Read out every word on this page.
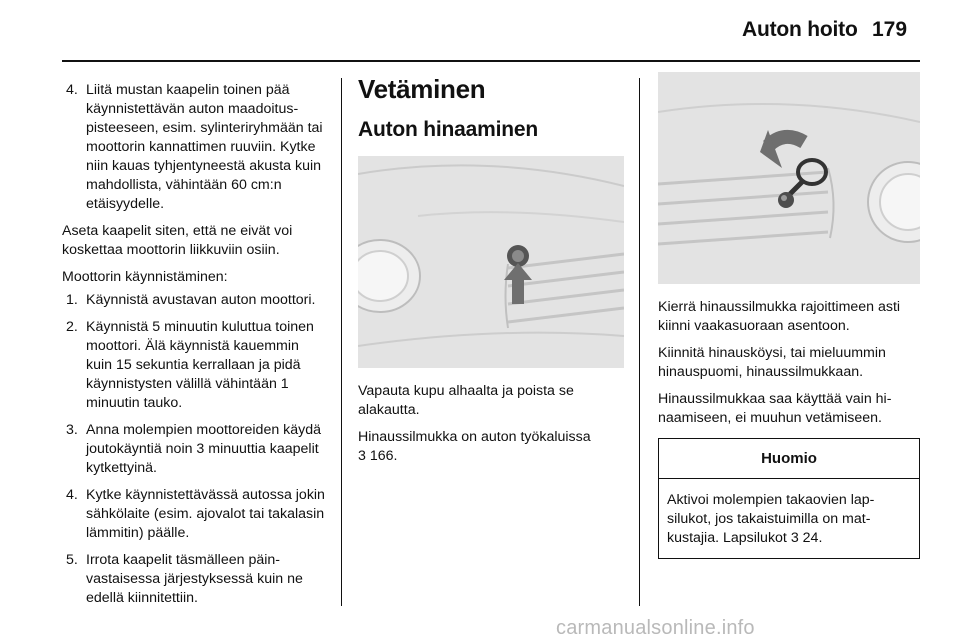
Auton hoito 179
4. Liitä mustan kaapelin toinen pää käynnistettävän auton maadoituspisteeseen, esim. sylinteriryhmään tai moottorin kannattimen ruuviin. Kytke niin kauas tyhjentyneestä akusta kuin mahdollista, vähintään 60 cm:n etäisyydelle.

Aseta kaapelit siten, että ne eivät voi koskettaa moottorin liikkuviin osiin.

Moottorin käynnistäminen:

1. Käynnistä avustavan auton moottori.
2. Käynnistä 5 minuutin kuluttua toinen moottori. Älä käynnistä kauemmin kuin 15 sekuntia kerrallaan ja pidä käynnistysten välillä vähintään 1 minuutin tauko.
3. Anna molempien moottoreiden käydä joutokäyntiä noin 3 minuuttia kaapelit kytkettyinä.
4. Kytke käynnistettävässä autossa jokin sähkölaite (esim. ajovalot tai takalasin lämmitin) päälle.
5. Irrota kaapelit täsmälleen päinvastaisessa järjestyksessä kuin ne edellä kiinnitettiin.
Vetäminen
Auton hinaaminen

Vapauta kupu alhaalta ja poista se alakautta.

Hinaussilmukka on auton työkaluissa
3 166.

Kierrä hinaussilmukka rajoittimeen asti kiinni vaakasuoraan asentoon.

Kiinnitä hinausköysi, tai mieluummin hinauspuomi, hinaussilmukkaan.

Hinaussilmukkaa saa käyttää vain hinaamiseen, ei muuhun vetämiseen.

Huomio
Aktivoi molempien takaovien lapsilukot, jos takaistuimilla on matkustajia. Lapsilukot 3 24.
carmanualsonline.info
